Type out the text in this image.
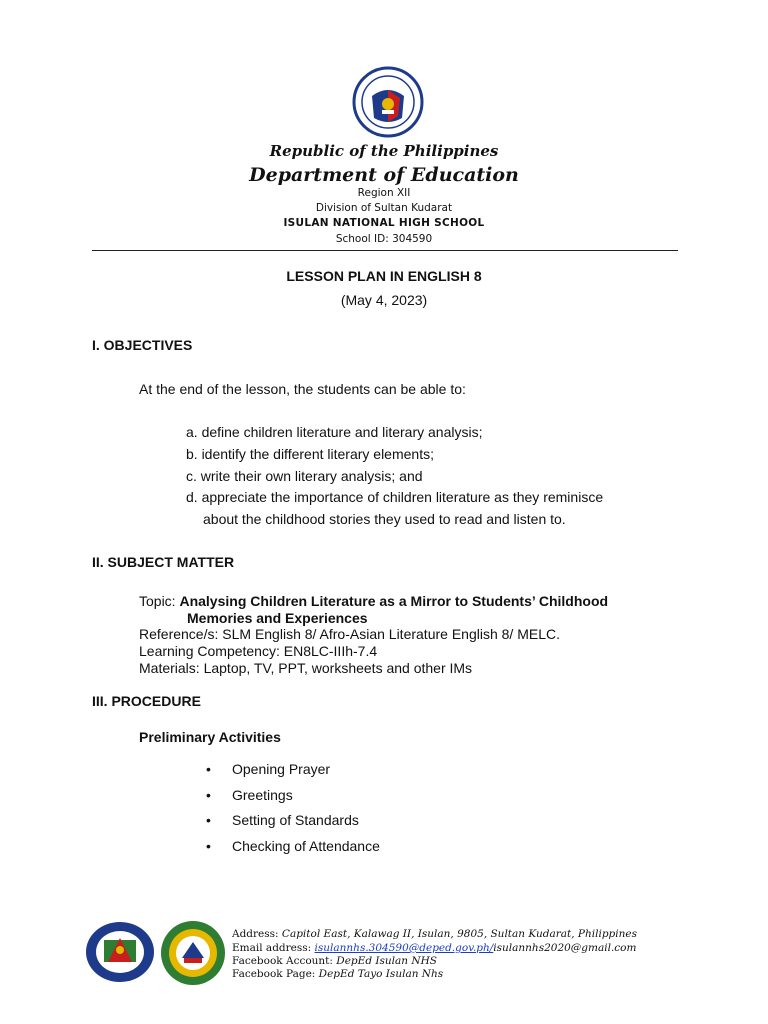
Republic of the Philippines
Department of Education
Region XII
Division of Sultan Kudarat
ISULAN NATIONAL HIGH SCHOOL
School ID: 304590
LESSON PLAN IN ENGLISH 8
(May 4, 2023)
I. OBJECTIVES
At the end of the lesson, the students can be able to:
a. define children literature and literary analysis;
b. identify the different literary elements;
c. write their own literary analysis; and
d. appreciate the importance of children literature as they reminisce
about the childhood stories they used to read and listen to.
II. SUBJECT MATTER
Topic: Analysing Children Literature as a Mirror to Students’ Childhood
Memories and Experiences
Reference/s: SLM English 8/ Afro-Asian Literature English 8/ MELC.
Learning Competency: EN8LC-IIIh-7.4
Materials: Laptop, TV, PPT, worksheets and other IMs
III. PROCEDURE
Preliminary Activities
•	Opening Prayer
•	Greetings
•	Setting of Standards
•	Checking of Attendance
Address: Capitol East, Kalawag II, Isulan, 9805, Sultan Kudarat, Philippines
Email address: isulannhs.304590@deped.gov.ph/isulannhs2020@gmail.com
Facebook Account: DepEd Isulan NHS
Facebook Page: DepEd Tayo Isulan Nhs
